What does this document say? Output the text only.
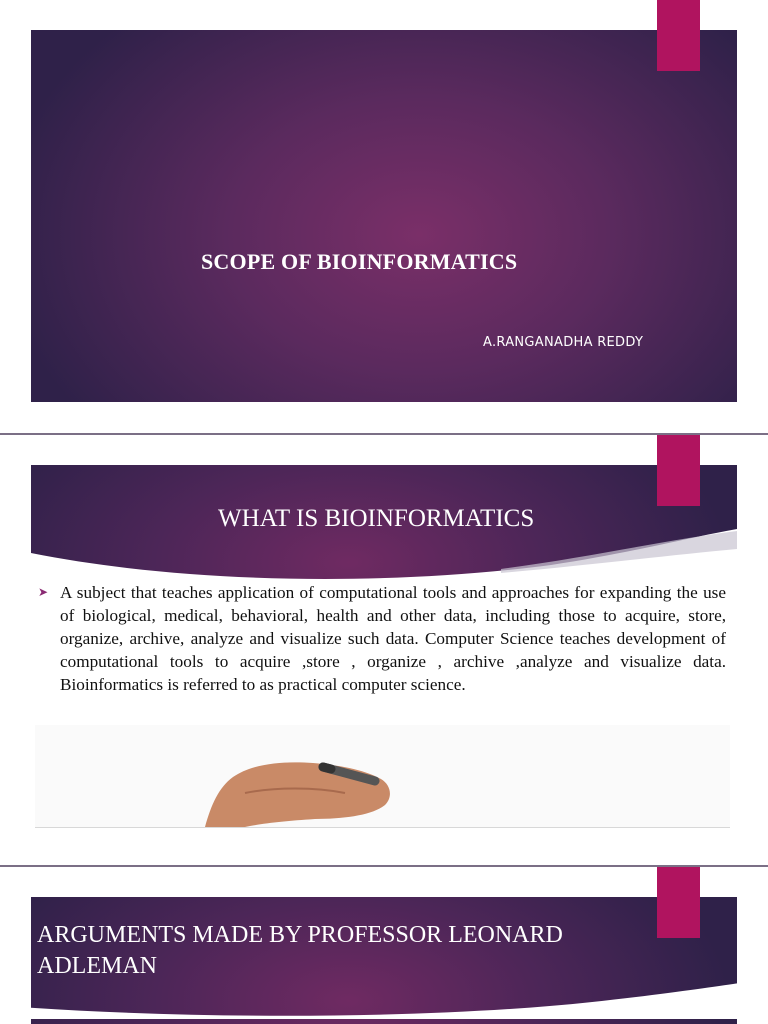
SCOPE OF BIOINFORMATICS
A.RANGANADHA REDDY
WHAT IS BIOINFORMATICS
➤ A subject that teaches application of computational tools and approaches for expanding the use of biological, medical, behavioral, health and other data, including those to acquire, store, organize, archive, analyze and visualize such data. Computer Science teaches development of computational tools to acquire ,store , organize , archive ,analyze and visualize data. Bioinformatics is referred to as practical computer science.
ARGUMENTS MADE BY PROFESSOR LEONARD ADLEMAN
